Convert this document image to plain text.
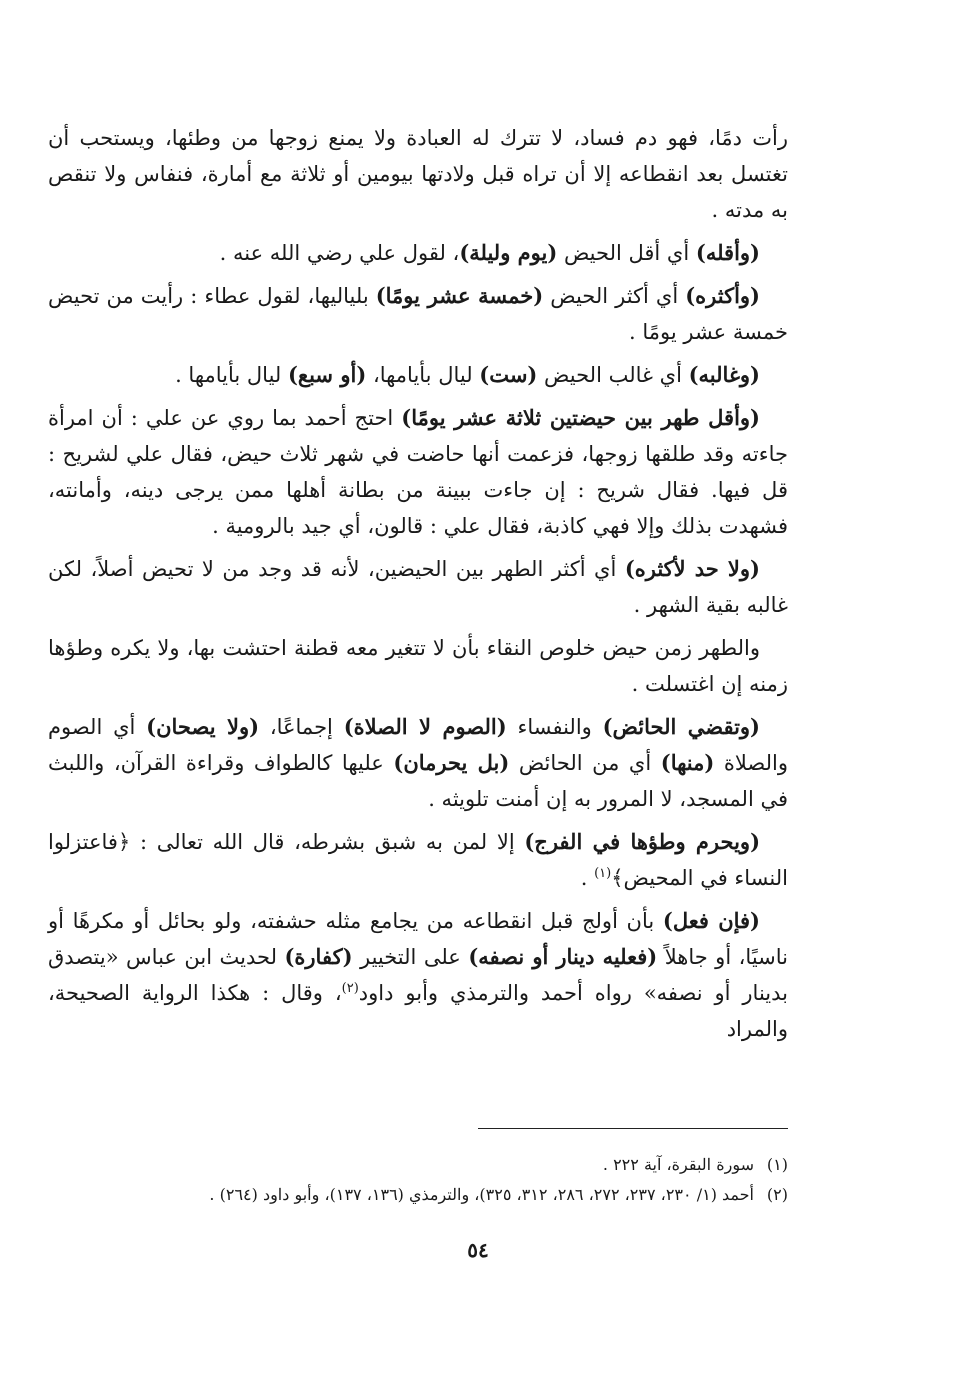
رأت دمًا، فهو دم فساد، لا تترك له العبادة ولا يمنع زوجها من وطئها، ويستحب أن تغتسل بعد انقطاعه إلا أن تراه قبل ولادتها بيومين أو ثلاثة مع أمارة، فنفاس ولا تنقص به مدته .

(وأقله) أي أقل الحيض (يوم وليلة)، لقول علي رضي الله عنه .

(وأكثره) أي أكثر الحيض (خمسة عشر يومًا) بلياليها، لقول عطاء : رأيت من تحيض خمسة عشر يومًا .

(وغالبه) أي غالب الحيض (ست) ليال بأيامها، (أو سبع) ليال بأيامها .

(وأقل طهر بين حيضتين ثلاثة عشر يومًا) احتج أحمد بما روي عن علي : أن امرأة جاءته وقد طلقها زوجها، فزعمت أنها حاضت في شهر ثلاث حيض، فقال علي لشريح : قل فيها. فقال شريح : إن جاءت ببينة من بطانة أهلها ممن يرجى دينه، وأمانته، فشهدت بذلك وإلا فهي كاذبة، فقال علي : قالون، أي جيد بالرومية .

(ولا حد لأكثره) أي أكثر الطهر بين الحيضين، لأنه قد وجد من لا تحيض أصلاً، لكن غالبه بقية الشهر .

والطهر زمن حيض خلوص النقاء بأن لا تتغير معه قطنة احتشت بها، ولا يكره وطؤها زمنه إن اغتسلت .

(وتقضي الحائض) والنفساء (الصوم لا الصلاة) إجماعًا، (ولا يصحان) أي الصوم والصلاة (منها) أي من الحائض (بل يحرمان) عليها كالطواف وقراءة القرآن، واللبث في المسجد، لا المرور به إن أمنت تلويثه .

(ويحرم وطؤها في الفرج) إلا لمن به شبق بشرطه، قال الله تعالى : ﴿فاعتزلوا النساء في المحيض﴾$^{(١)}$ .

(فإن فعل) بأن أولج قبل انقطاعه من يجامع مثله حشفته، ولو بحائل أو مكرهًا أو ناسيًا، أو جاهلاً (فعليه دينار أو نصفه) على التخيير (كفارة) لحديث ابن عباس «يتصدق بدينار أو نصفه» رواه أحمد والترمذي وأبو داود$^{(٢)}$، وقال : هكذا الرواية الصحيحة، والمراد

(١)
سورة البقرة، آية ٢٢٢ .
(٢)
أحمد (١/ ٢٣٠، ٢٣٧، ٢٧٢، ٢٨٦، ٣١٢، ٣٢٥)، والترمذي (١٣٦، ١٣٧)، وأبو داود (٢٦٤) .
٥٤
